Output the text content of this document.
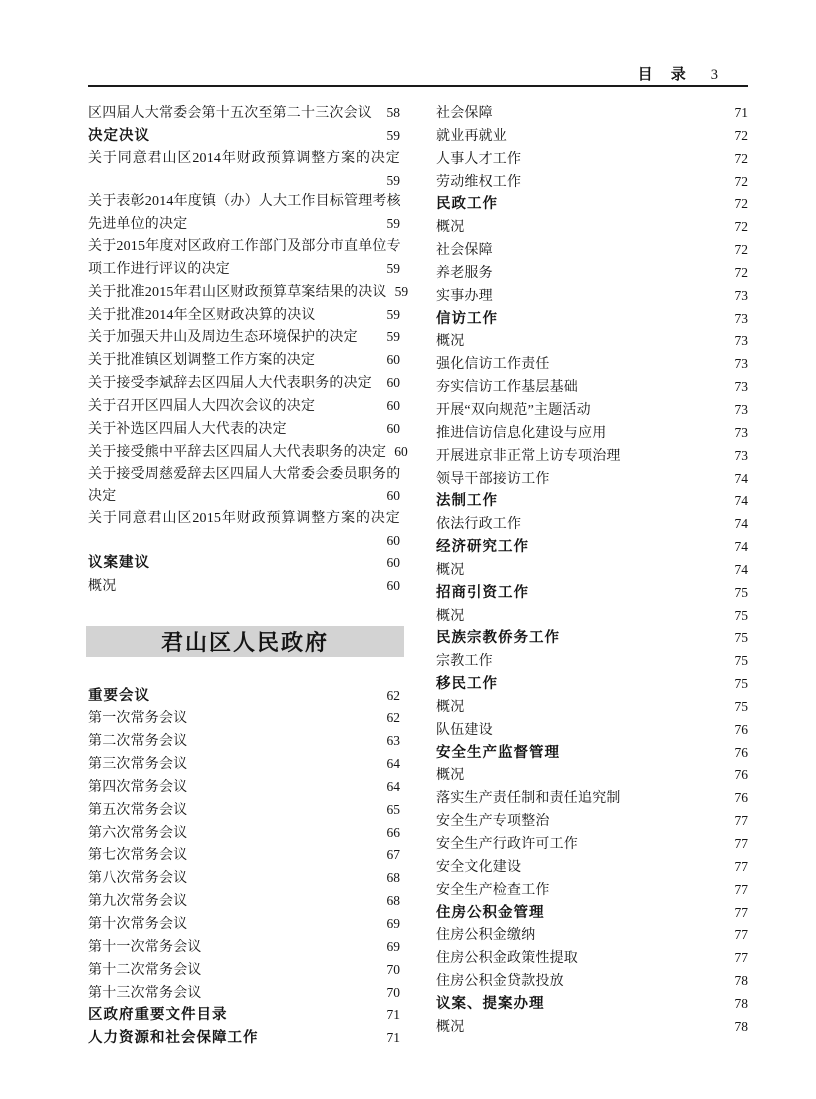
目 录 3
区四届人大常委会第十五次至第二十三次会议	58
决定决议	59
关于同意君山区2014年财政预算调整方案的决定
59
关于表彰2014年度镇（办）人大工作目标管理考核
先进单位的决定	59
关于2015年度对区政府工作部门及部分市直单位专
项工作进行评议的决定	59
关于批准2015年君山区财政预算草案结果的决议 59
关于批准2014年全区财政决算的决议	59
关于加强天井山及周边生态环境保护的决定	59
关于批准镇区划调整工作方案的决定	60
关于接受李斌辞去区四届人大代表职务的决定	60
关于召开区四届人大四次会议的决定	60
关于补选区四届人大代表的决定	60
关于接受熊中平辞去区四届人大代表职务的决定 60
关于接受周慈爱辞去区四届人大常委会委员职务的
决定	60
关于同意君山区2015年财政预算调整方案的决定
60
议案建议	60
概况	60
君山区人民政府
重要会议	62
第一次常务会议	62
第二次常务会议	63
第三次常务会议	64
第四次常务会议	64
第五次常务会议	65
第六次常务会议	66
第七次常务会议	67
第八次常务会议	68
第九次常务会议	68
第十次常务会议	69
第十一次常务会议	69
第十二次常务会议	70
第十三次常务会议	70
区政府重要文件目录	71
人力资源和社会保障工作	71
社会保障	71
就业再就业	72
人事人才工作	72
劳动维权工作	72
民政工作	72
概况	72
社会保障	72
养老服务	72
实事办理	73
信访工作	73
概况	73
强化信访工作责任	73
夯实信访工作基层基础	73
开展“双向规范”主题活动	73
推进信访信息化建设与应用	73
开展进京非正常上访专项治理	73
领导干部接访工作	74
法制工作	74
依法行政工作	74
经济研究工作	74
概况	74
招商引资工作	75
概况	75
民族宗教侨务工作	75
宗教工作	75
移民工作	75
概况	75
队伍建设	76
安全生产监督管理	76
概况	76
落实生产责任制和责任追究制	76
安全生产专项整治	77
安全生产行政许可工作	77
安全文化建设	77
安全生产检查工作	77
住房公积金管理	77
住房公积金缴纳	77
住房公积金政策性提取	77
住房公积金贷款投放	78
议案、提案办理	78
概况	78
